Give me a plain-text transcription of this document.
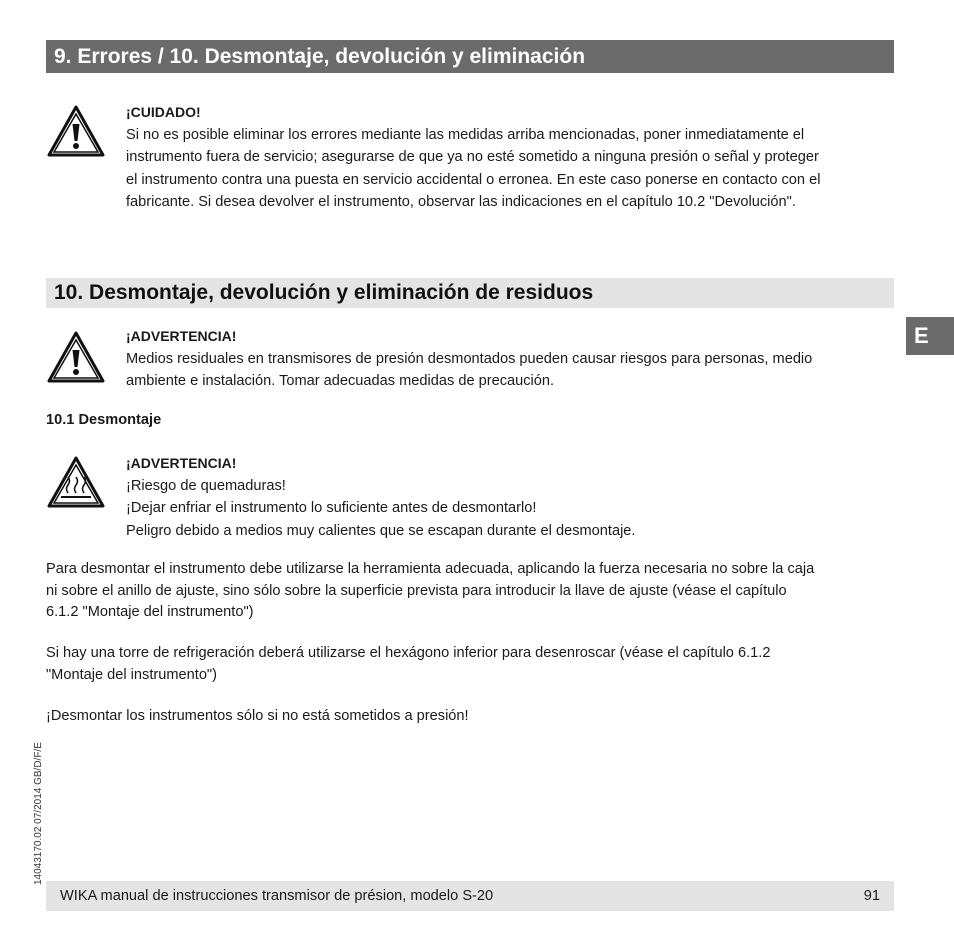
9. Errores / 10. Desmontaje, devolución y eliminación
¡CUIDADO!
Si no es posible eliminar los errores mediante las medidas arriba mencionadas, poner inmediatamente el
instrumento fuera de servicio; asegurarse de que ya no esté sometido a ninguna presión o señal y proteger
el instrumento contra una puesta en servicio accidental o erronea. En este caso ponerse en contacto con el
fabricante. Si desea devolver el instrumento, observar las indicaciones en el capítulo 10.2 "Devolución".
10. Desmontaje, devolución y eliminación de residuos
¡ADVERTENCIA!
Medios residuales en transmisores de presión desmontados pueden causar riesgos para personas, medio
ambiente e instalación. Tomar adecuadas medidas de precaución.
10.1 Desmontaje
¡ADVERTENCIA!
¡Riesgo de quemaduras!
¡Dejar enfriar el instrumento lo suficiente antes de desmontarlo!
Peligro debido a medios muy calientes que se escapan durante el desmontaje.
Para desmontar el instrumento debe utilizarse la herramienta adecuada, aplicando la fuerza necesaria no sobre la caja
ni sobre el anillo de ajuste, sino sólo sobre la superficie prevista para introducir la llave de ajuste (véase el capítulo
6.1.2 "Montaje del instrumento")
Si hay una torre de refrigeración deberá utilizarse el hexágono inferior para desenroscar (véase el capítulo 6.1.2
"Montaje del instrumento")
¡Desmontar los instrumentos sólo si no está sometidos a presión!
E
14043170.02 07/2014 GB/D/F/E
WIKA manual de instrucciones transmisor de présion, modelo S-20	91
